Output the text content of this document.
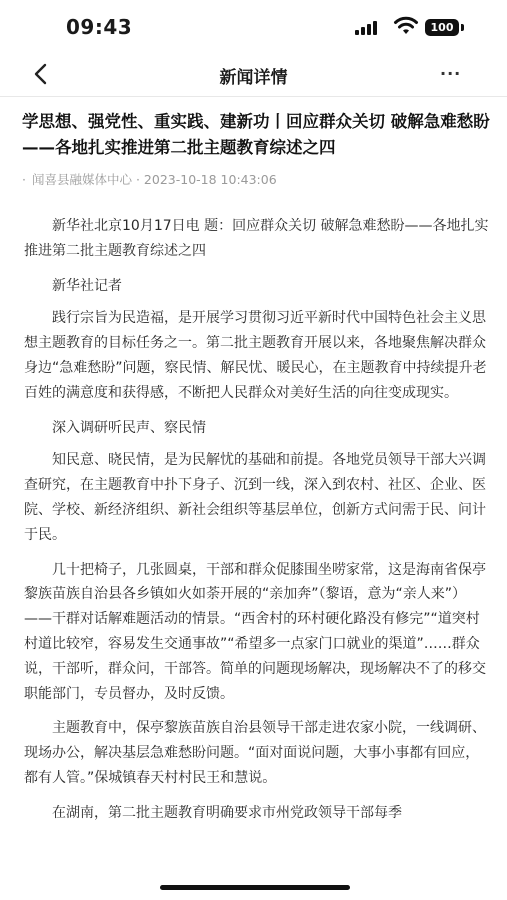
09:43	100
新闻详情	···
学思想、强党性、重实践、建新功丨回应群众关切 破解急难愁盼——各地扎实推进第二批主题教育综述之四
· 闻喜县融媒体中心 · 2023-10-18 10:43:06

新华社北京10月17日电 题：回应群众关切 破解急难愁盼——各地扎实推进第二批主题教育综述之四

新华社记者

践行宗旨为民造福，是开展学习贯彻习近平新时代中国特色社会主义思想主题教育的目标任务之一。第二批主题教育开展以来，各地聚焦解决群众身边“急难愁盼”问题，察民情、解民忧、暖民心，在主题教育中持续提升老百姓的满意度和获得感，不断把人民群众对美好生活的向往变成现实。

深入调研听民声、察民情

知民意、晓民情，是为民解忧的基础和前提。各地党员领导干部大兴调查研究，在主题教育中扑下身子、沉到一线，深入到农村、社区、企业、医院、学校、新经济组织、新社会组织等基层单位，创新方式问需于民、问计于民。

几十把椅子，几张圆桌，干部和群众促膝围坐唠家常，这是海南省保亭黎族苗族自治县各乡镇如火如荼开展的“亲加奔”（黎语，意为“亲人来”）——干群对话解难题活动的情景。“西舍村的环村硬化路没有修完”“道突村村道比较窄，容易发生交通事故”“希望多一点家门口就业的渠道”……群众说，干部听，群众问，干部答。简单的问题现场解决，现场解决不了的移交职能部门，专员督办，及时反馈。

主题教育中，保亭黎族苗族自治县领导干部走进农家小院，一线调研、现场办公，解决基层急难愁盼问题。“面对面说问题，大事小事都有回应，都有人管。”保城镇春天村村民王和慧说。

在湖南，第二批主题教育明确要求市州党政领导干部每季
